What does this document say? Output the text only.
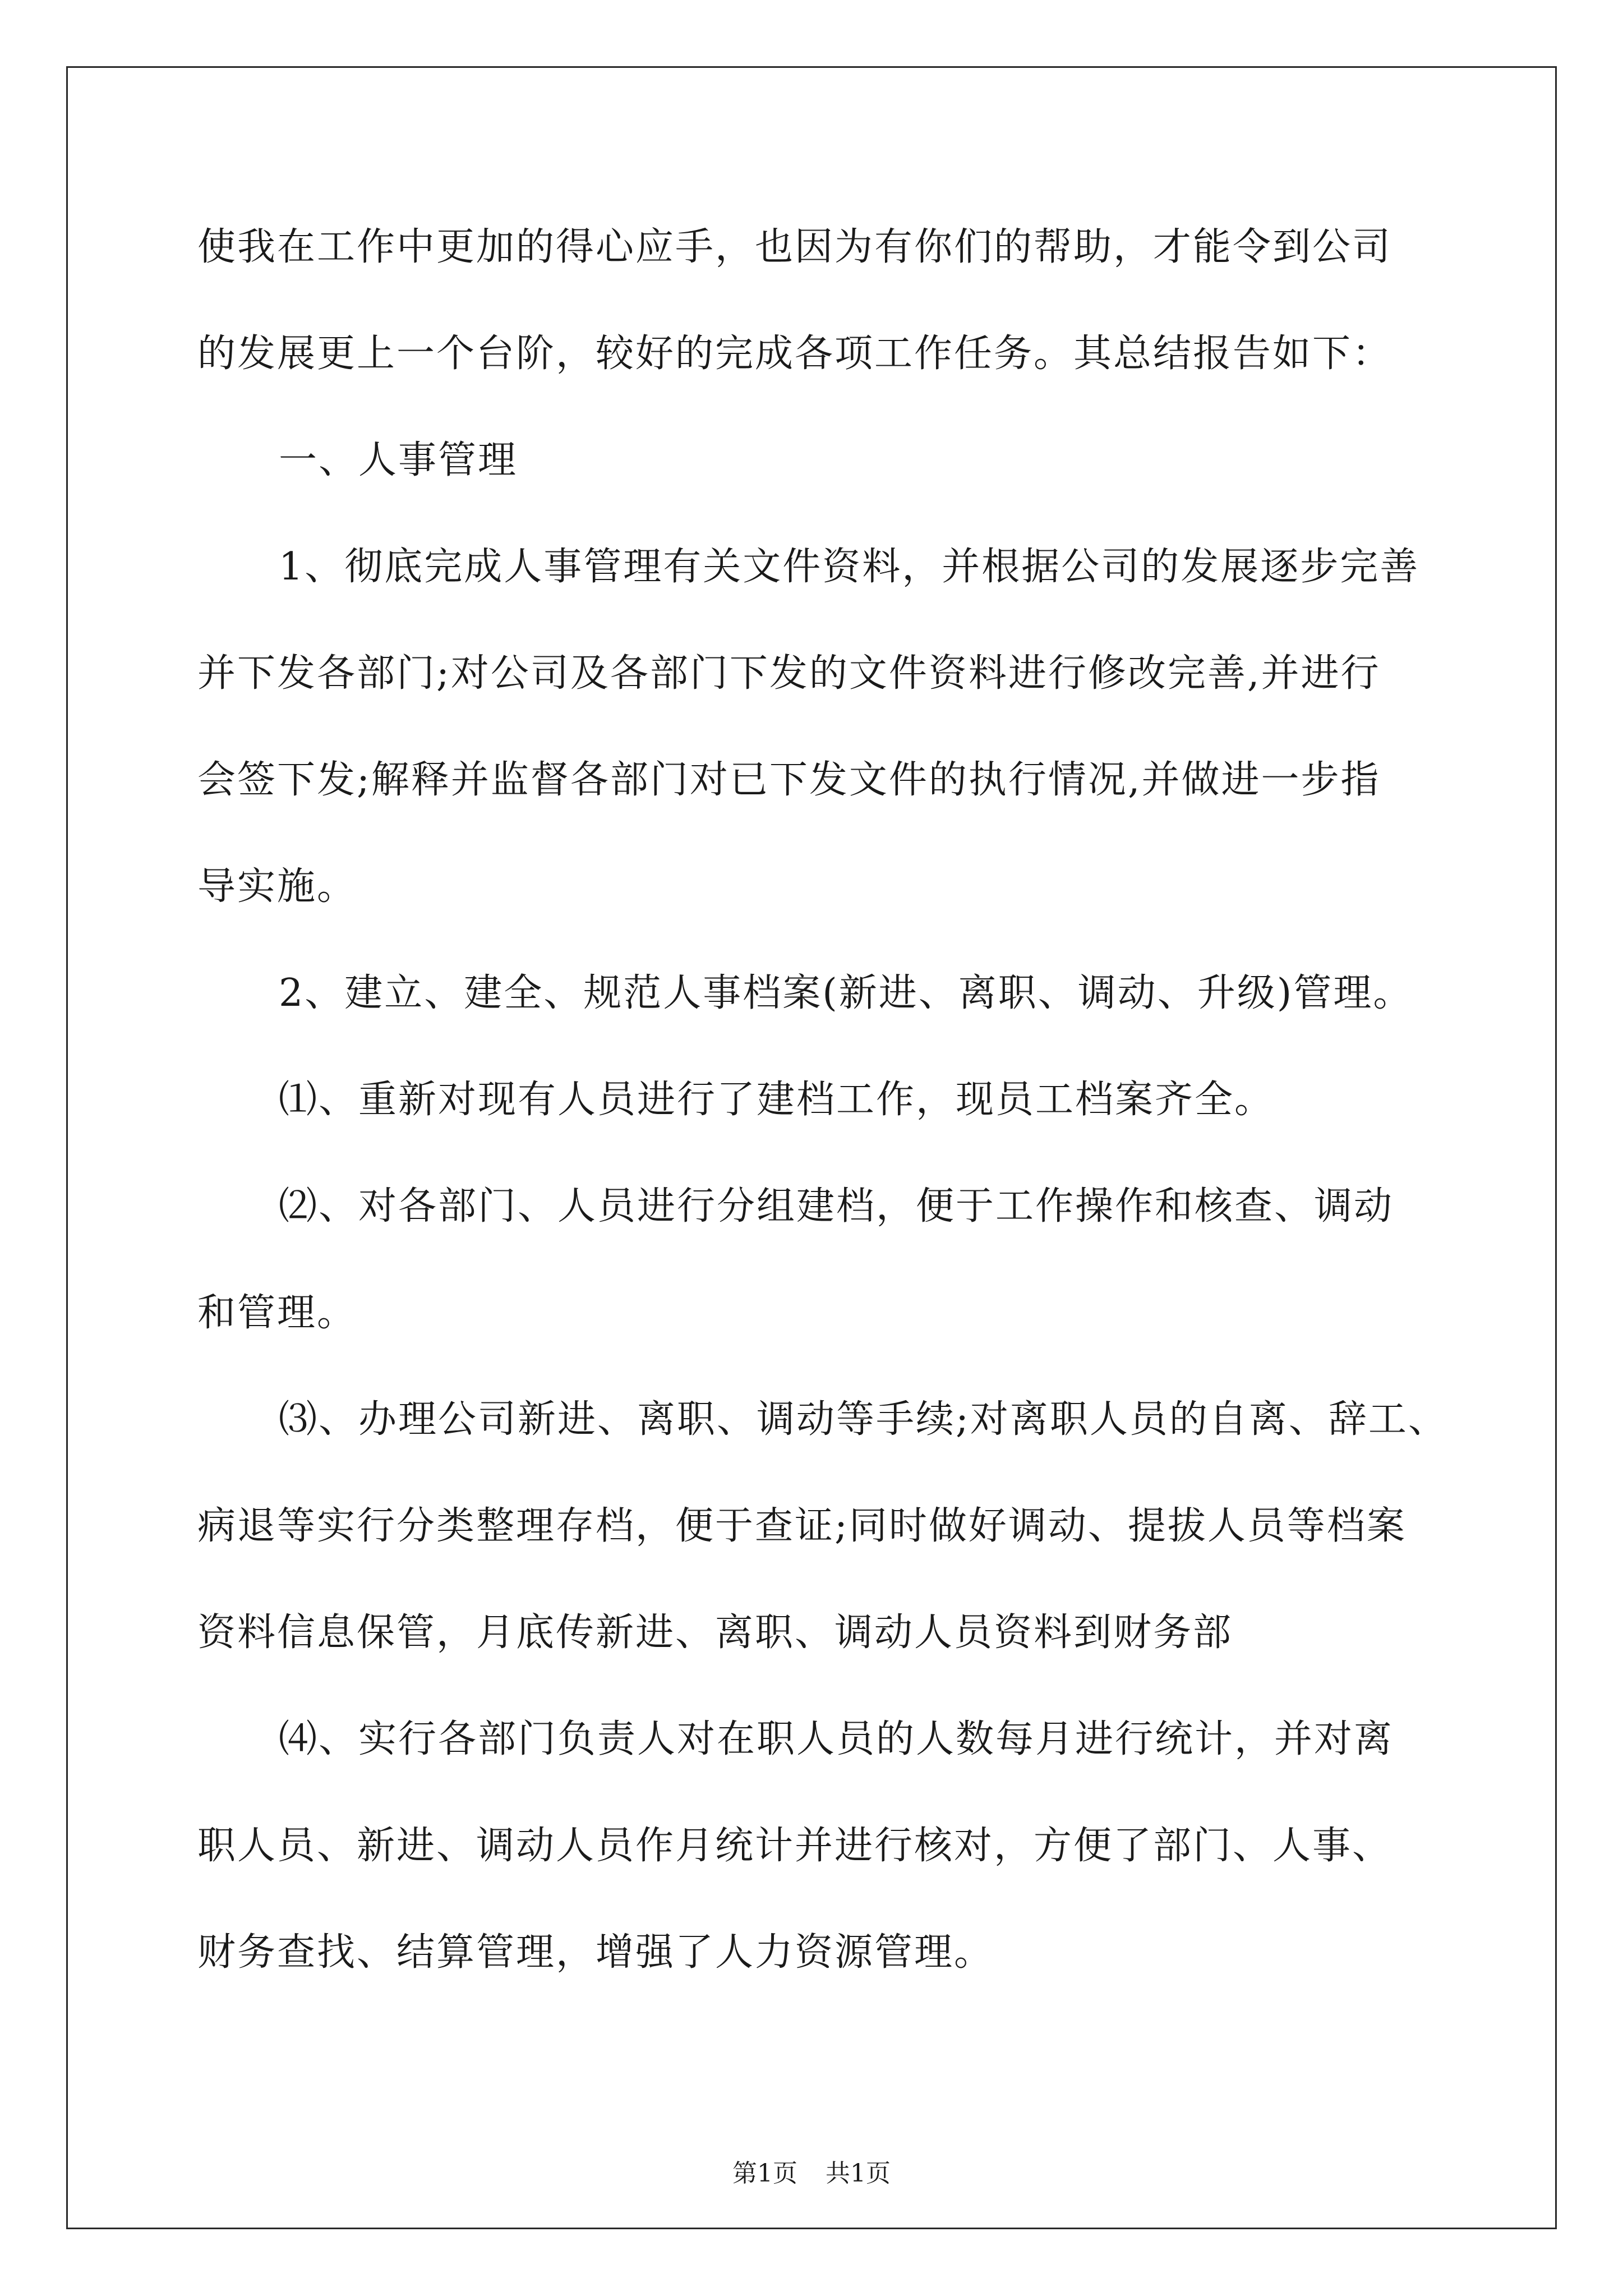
使我在工作中更加的得心应手，也因为有你们的帮助，才能令到公司
的发展更上一个台阶，较好的完成各项工作任务。其总结报告如下：
一、人事管理
1、彻底完成人事管理有关文件资料，并根据公司的发展逐步完善
并下发各部门;对公司及各部门下发的文件资料进行修改完善,并进行
会签下发;解释并监督各部门对已下发文件的执行情况,并做进一步指
导实施。
2、建立、建全、规范人事档案(新进、离职、调动、升级)管理。
⑴、重新对现有人员进行了建档工作，现员工档案齐全。
⑵、对各部门、人员进行分组建档，便于工作操作和核查、调动
和管理。
⑶、办理公司新进、离职、调动等手续;对离职人员的自离、辞工、
病退等实行分类整理存档，便于查证;同时做好调动、提拔人员等档案
资料信息保管，月底传新进、离职、调动人员资料到财务部
⑷、实行各部门负责人对在职人员的人数每月进行统计，并对离
职人员、新进、调动人员作月统计并进行核对，方便了部门、人事、
财务查找、结算管理，增强了人力资源管理。
第1页 共1页
